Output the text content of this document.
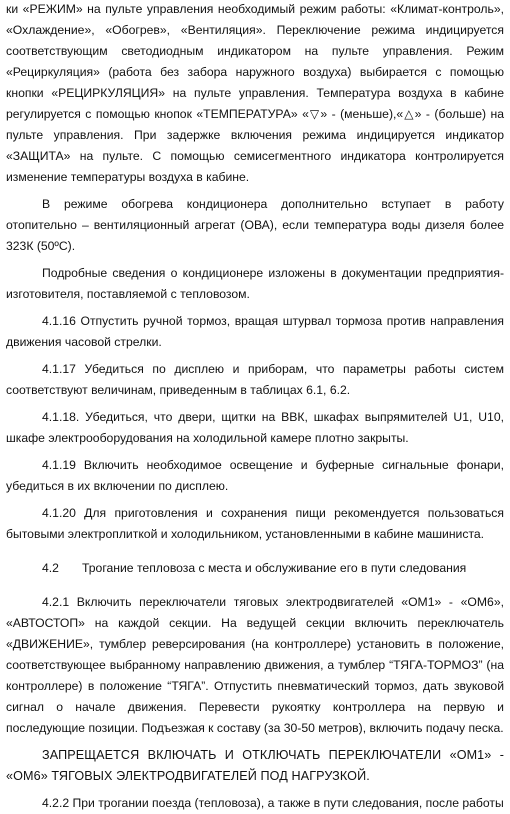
ки «РЕЖИМ» на пульте управления необходимый режим работы: «Климат-контроль», «Охлаждение», «Обогрев», «Вентиляция». Переключение режима индицируется соответствующим светодиодным индикатором на пульте управления. Режим «Рециркуляция» (работа без забора наружного воздуха) выбирается с помощью кнопки «РЕЦИРКУЛЯЦИЯ» на пульте управления. Температура воздуха в кабине регулируется с помощью кнопок «ТЕМПЕРАТУРА» «▽» - (меньше),«△» - (больше) на пульте управления. При задержке включения режима индицируется индикатор «ЗАЩИТА» на пульте. С помощью семисегментного индикатора контролируется изменение температуры воздуха в кабине.

В режиме обогрева кондиционера дополнительно вступает в работу отопительно – вентиляционный агрегат (ОВА), если температура воды дизеля более 323К (50ºС).

Подробные сведения о кондиционере изложены в документации предприятия-изготовителя, поставляемой с тепловозом.

4.1.16 Отпустить ручной тормоз, вращая штурвал тормоза против направления движения часовой стрелки.

4.1.17 Убедиться по дисплею и приборам, что параметры работы систем соответствуют величинам, приведенным в таблицах 6.1, 6.2.

4.1.18. Убедиться, что двери, щитки на ВВК, шкафах выпрямителей U1, U10, шкафе электрооборудования на холодильной камере плотно закрыты.

4.1.19 Включить необходимое освещение и буферные сигнальные фонари, убедиться в их включении по дисплею.

4.1.20 Для приготовления и сохранения пищи рекомендуется пользоваться бытовыми электроплиткой и холодильником, установленными в кабине машиниста.

4.2 Трогание тепловоза с места и обслуживание его в пути следования

4.2.1 Включить переключатели тяговых электродвигателей «ОМ1» - «ОМ6», «АВТОСТОП» на каждой секции. На ведущей секции включить переключатель «ДВИЖЕНИЕ», тумблер реверсирования (на контроллере) установить в положение, соответствующее выбранному направлению движения, а тумблер “ТЯГА-ТОРМОЗ” (на контроллере) в положение “ТЯГА”. Отпустить пневматический тормоз, дать звуковой сигнал о начале движения. Перевести рукоятку контроллера на первую и последующие позиции. Подъезжая к составу (за 30-50 метров), включить подачу песка.

ЗАПРЕЩАЕТСЯ ВКЛЮЧАТЬ И ОТКЛЮЧАТЬ ПЕРЕКЛЮЧАТЕЛИ «ОМ1» - «ОМ6» ТЯГОВЫХ ЭЛЕКТРОДВИГАТЕЛЕЙ ПОД НАГРУЗКОЙ.

4.2.2 При трогании поезда (тепловоза), а также в пути следования, после работы
